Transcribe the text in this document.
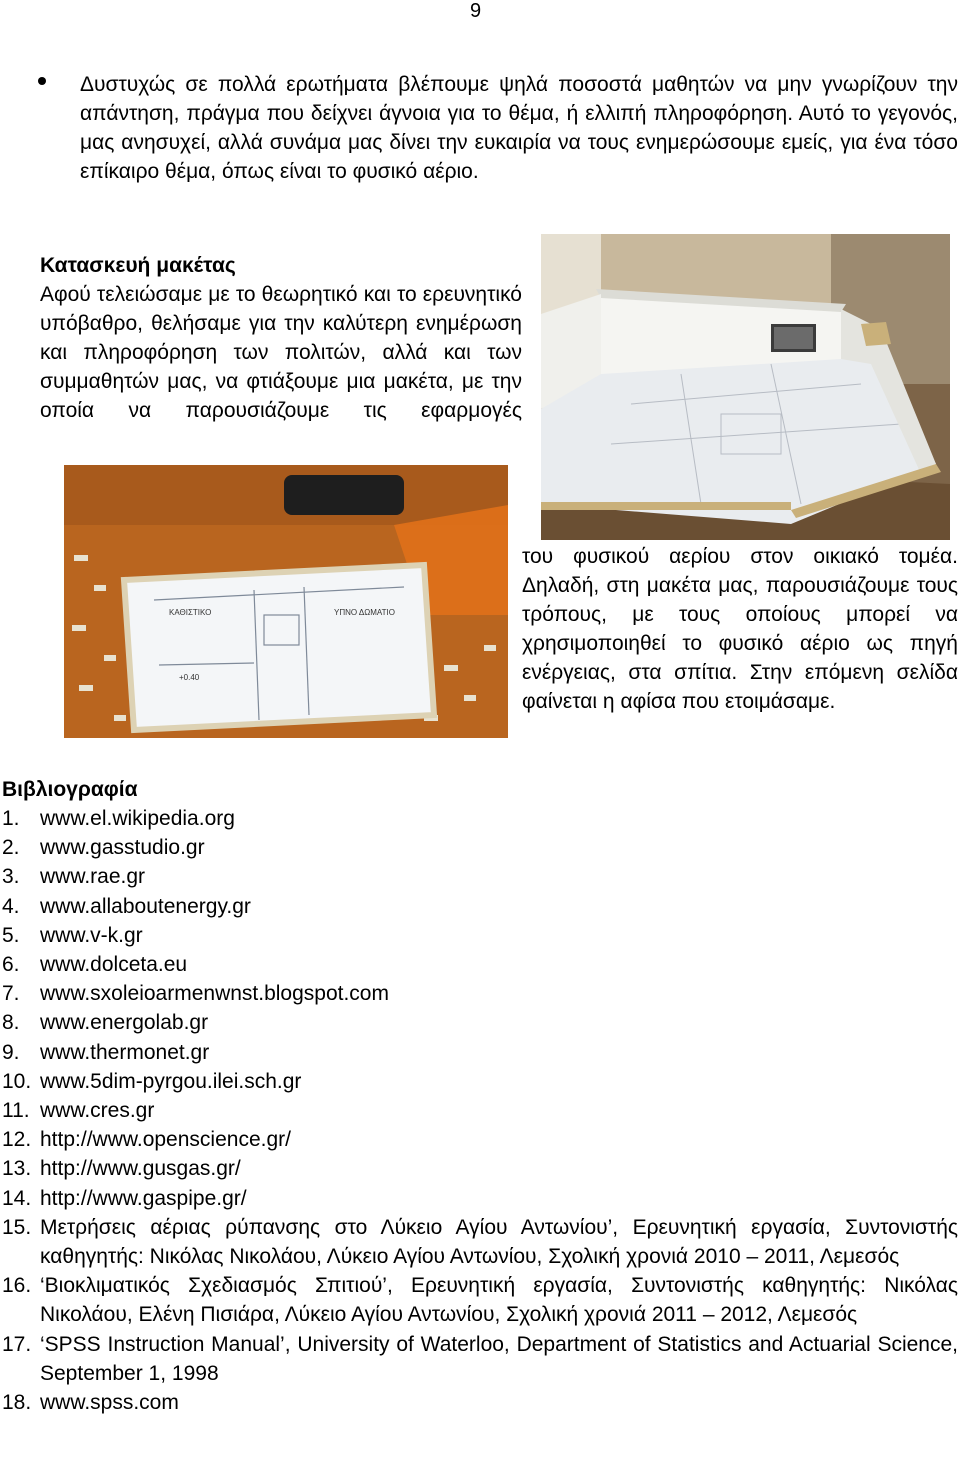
9
Δυστυχώς σε πολλά ερωτήματα βλέπουμε ψηλά ποσοστά μαθητών να μην γνωρίζουν την απάντηση, πράγμα που δείχνει άγνοια για το θέμα, ή ελλιπή πληροφόρηση. Αυτό το γεγονός, μας ανησυχεί, αλλά συνάμα μας δίνει την ευκαιρία να τους ενημερώσουμε εμείς, για ένα τόσο επίκαιρο θέμα, όπως είναι το φυσικό αέριο.
Κατασκευή μακέτας
Αφού τελειώσαμε με το θεωρητικό και το ερευνητικό υπόβαθρο, θελήσαμε για την καλύτερη ενημέρωση και πληροφόρηση των πολιτών, αλλά και των συμμαθητών μας, να φτιάξουμε μια μακέτα, με την οποία να παρουσιάζουμε τις εφαρμογές
ΚΑΘΙΣΤΙΚΟ	ΥΠΝΟ ΔΩΜΑΤΙΟ
+0.40
του φυσικού αερίου στον οικιακό τομέα. Δηλαδή, στη μακέτα μας, παρουσιάζουμε τους τρόπους, με τους οποίους μπορεί να χρησιμοποιηθεί το φυσικό αέριο ως πηγή ενέργειας, στα σπίτια. Στην επόμενη σελίδα φαίνεται η αφίσα που ετοιμάσαμε.
Βιβλιογραφία
1. www.el.wikipedia.org
2. www.gasstudio.gr
3. www.rae.gr
4. www.allaboutenergy.gr
5. www.v-k.gr
6. www.dolceta.eu
7. www.sxoleioarmenwnst.blogspot.com
8. www.energolab.gr
9. www.thermonet.gr
10. www.5dim-pyrgou.ilei.sch.gr
11. www.cres.gr
12. http://www.openscience.gr/
13. http://www.gusgas.gr/
14. http://www.gaspipe.gr/
15. Μετρήσεις αέριας ρύπανσης στο Λύκειο Αγίου Αντωνίου’, Ερευνητική εργασία, Συντονιστής καθηγητής: Νικόλας Νικολάου, Λύκειο Αγίου Αντωνίου, Σχολική χρονιά 2010 – 2011, Λεμεσός
16. ‘Βιοκλιματικός Σχεδιασμός Σπιτιού’, Ερευνητική εργασία, Συντονιστής καθηγητής: Νικόλας Νικολάου, Ελένη Πισιάρα, Λύκειο Αγίου Αντωνίου, Σχολική χρονιά 2011 – 2012, Λεμεσός
17. ‘SPSS Instruction Manual’, University of Waterloo, Department of Statistics and Actuarial Science, September 1, 1998
18. www.spss.com
